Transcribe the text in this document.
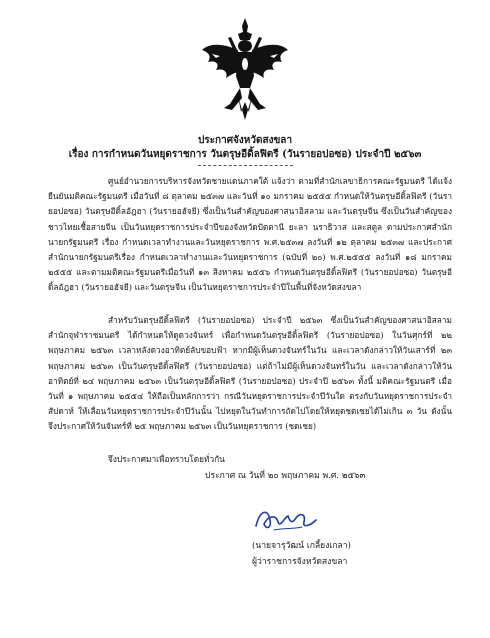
ประกาศจังหวัดสงขลา
เรื่อง การกำหนดวันหยุดราชการ วันตรุษอีดิ้ลฟิตรี (วันรายอปอซอ) ประจำปี ๒๕๖๓

ศูนย์อำนวยการบริหารจังหวัดชายแดนภาคใต้ แจ้งว่า ตามที่สำนักเลขาธิการคณะรัฐมนตรี ได้แจ้งยืนยันมติคณะรัฐมนตรี เมื่อวันที่ ๘ ตุลาคม ๒๕๓๗ และวันที่ ๑๐ มกราคม ๒๕๕๕ กำหนดให้วันตรุษอีดิ้ลฟิตรี (วันรายอปอซอ) วันตรุษอีดิ้ลอัฎฮา (วันรายอฮัจยี) ซึ่งเป็นวันสำคัญของศาสนาอิสลาม และวันตรุษจีน ซึ่งเป็นวันสำคัญของชาวไทยเชื้อสายจีน เป็นวันหยุดราชการประจำปีของจังหวัดปัตตานี ยะลา นราธิวาส และสตูล ตามประกาศสำนักนายกรัฐมนตรี เรื่อง กำหนดเวลาทำงานและวันหยุดราชการ พ.ศ.๒๕๓๗ ลงวันที่ ๑๒ ตุลาคม ๒๕๓๗ และประกาศสำนักนายกรัฐมนตรีเรื่อง กำหนดเวลาทำงานและวันหยุดราชการ (ฉบับที่ ๒๐) พ.ศ.๒๕๕๕ ลงวันที่ ๑๘ มกราคม ๒๕๕๕ และตามมติคณะรัฐมนตรีเมื่อวันที่ ๑๓ สิงหาคม ๒๕๕๖ กำหนดวันตรุษอีดิ้ลฟิตรี (วันรายอปอซอ) วันตรุษอีดิ้ลอัฎฮา (วันรายอฮัจยี) และวันตรุษจีน เป็นวันหยุดราชการประจำปีในพื้นที่จังหวัดสงขลา

สำหรับวันตรุษอีดิ้ลฟิตรี (วันรายอปอซอ) ประจำปี ๒๕๖๓ ซึ่งเป็นวันสำคัญของศาสนาอิสลาม สำนักจุฬาราชมนตรี ได้กำหนดให้ดูดวงจันทร์ เพื่อกำหนดวันตรุษอีดิ้ลฟิตรี (วันรายอปอซอ) ในวันศุกร์ที่ ๒๒ พฤษภาคม ๒๕๖๓ เวลาหลังดวงอาทิตย์ลับขอบฟ้า หากมีผู้เห็นดวงจันทร์ในวัน และเวลาดังกล่าวให้วันเสาร์ที่ ๒๓ พฤษภาคม ๒๕๖๓ เป็นวันตรุษอีดิ้ลฟิตรี (วันรายอปอซอ) แต่ถ้าไม่มีผู้เห็นดวงจันทร์ในวัน และเวลาดังกล่าวให้วันอาทิตย์ที่ ๒๔ พฤษภาคม ๒๕๖๓ เป็นวันตรุษอีดิ้ลฟิตรี (วันรายอปอซอ) ประจำปี ๒๕๖๓ ทั้งนี้ มติคณะรัฐมนตรี เมื่อวันที่ ๑ พฤษภาคม ๒๕๕๔ ให้ถือเป็นหลักการว่า กรณีวันหยุดราชการประจำปีวันใด ตรงกับวันหยุดราชการประจำสัปดาห์ ให้เลื่อนวันหยุดราชการประจำปีวันนั้น ไปหยุดในวันทำการถัดไปโดยให้หยุดชดเชยได้ไม่เกิน ๓ วัน ดังนั้น จึงประกาศให้วันจันทร์ที่ ๒๕ พฤษภาคม ๒๕๖๓ เป็นวันหยุดราชการ (ชดเชย)

จึงประกาศมาเพื่อทราบโดยทั่วกัน

ประกาศ ณ วันที่ ๒๐ พฤษภาคม พ.ศ. ๒๕๖๓
(นายจารุวัฒน์ เกลี้ยงเกลา)
ผู้ว่าราชการจังหวัดสงขลา
